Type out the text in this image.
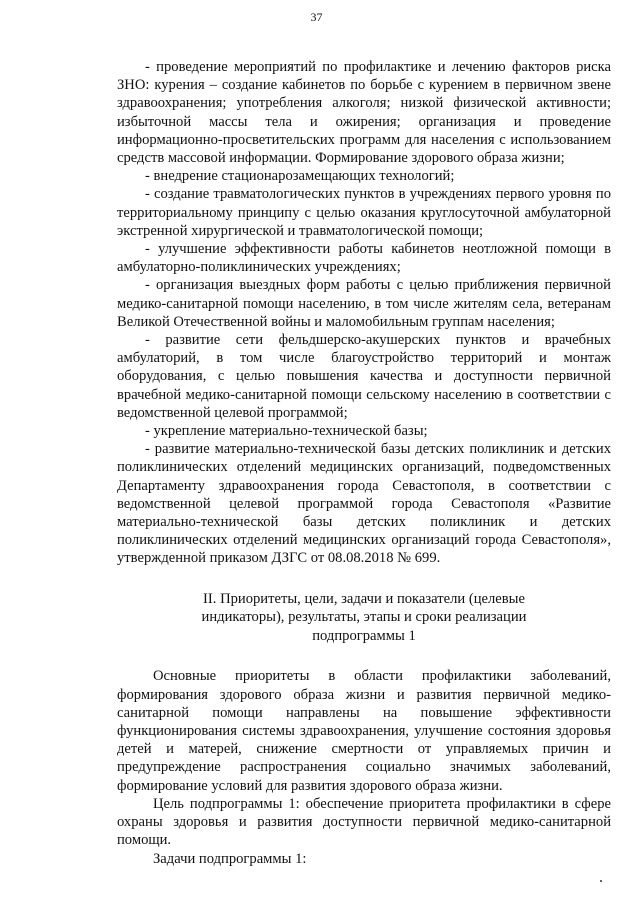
37

- проведение мероприятий по профилактике и лечению факторов риска ЗНО: курения – создание кабинетов по борьбе с курением в первичном звене здравоохранения; употребления алкоголя; низкой физической активности; избыточной массы тела и ожирения; организация и проведение информационно-просветительских программ для населения с использованием средств массовой информации. Формирование здорового образа жизни;

- внедрение стационарозамещающих технологий;

- создание травматологических пунктов в учреждениях первого уровня по территориальному принципу с целью оказания круглосуточной амбулаторной экстренной хирургической и травматологической помощи;

- улучшение эффективности работы кабинетов неотложной помощи в амбулаторно-поликлинических учреждениях;

- организация выездных форм работы с целью приближения первичной медико-санитарной помощи населению, в том числе жителям села, ветеранам Великой Отечественной войны и маломобильным группам населения;

- развитие сети фельдшерско-акушерских пунктов и врачебных амбулаторий, в том числе благоустройство территорий и монтаж оборудования, с целью повышения качества и доступности первичной врачебной медико-санитарной помощи сельскому населению в соответствии с ведомственной целевой программой;

- укрепление материально-технической базы;

- развитие материально-технической базы детских поликлиник и детских поликлинических отделений медицинских организаций, подведомственных Департаменту здравоохранения города Севастополя, в соответствии с ведомственной целевой программой города Севастополя «Развитие материально-технической базы детских поликлиник и детских поликлинических отделений медицинских организаций города Севастополя», утвержденной приказом ДЗГС от 08.08.2018 № 699.

II. Приоритеты, цели, задачи и показатели (целевые
индикаторы), результаты, этапы и сроки реализации
подпрограммы 1

Основные приоритеты в области профилактики заболеваний, формирования здорового образа жизни и развития первичной медико-санитарной помощи направлены на повышение эффективности функционирования системы здравоохранения, улучшение состояния здоровья детей и матерей, снижение смертности от управляемых причин и предупреждение распространения социально значимых заболеваний, формирование условий для развития здорового образа жизни.

Цель подпрограммы 1: обеспечение приоритета профилактики в сфере охраны здоровья и развития доступности первичной медико-санитарной помощи.

Задачи подпрограммы 1:
